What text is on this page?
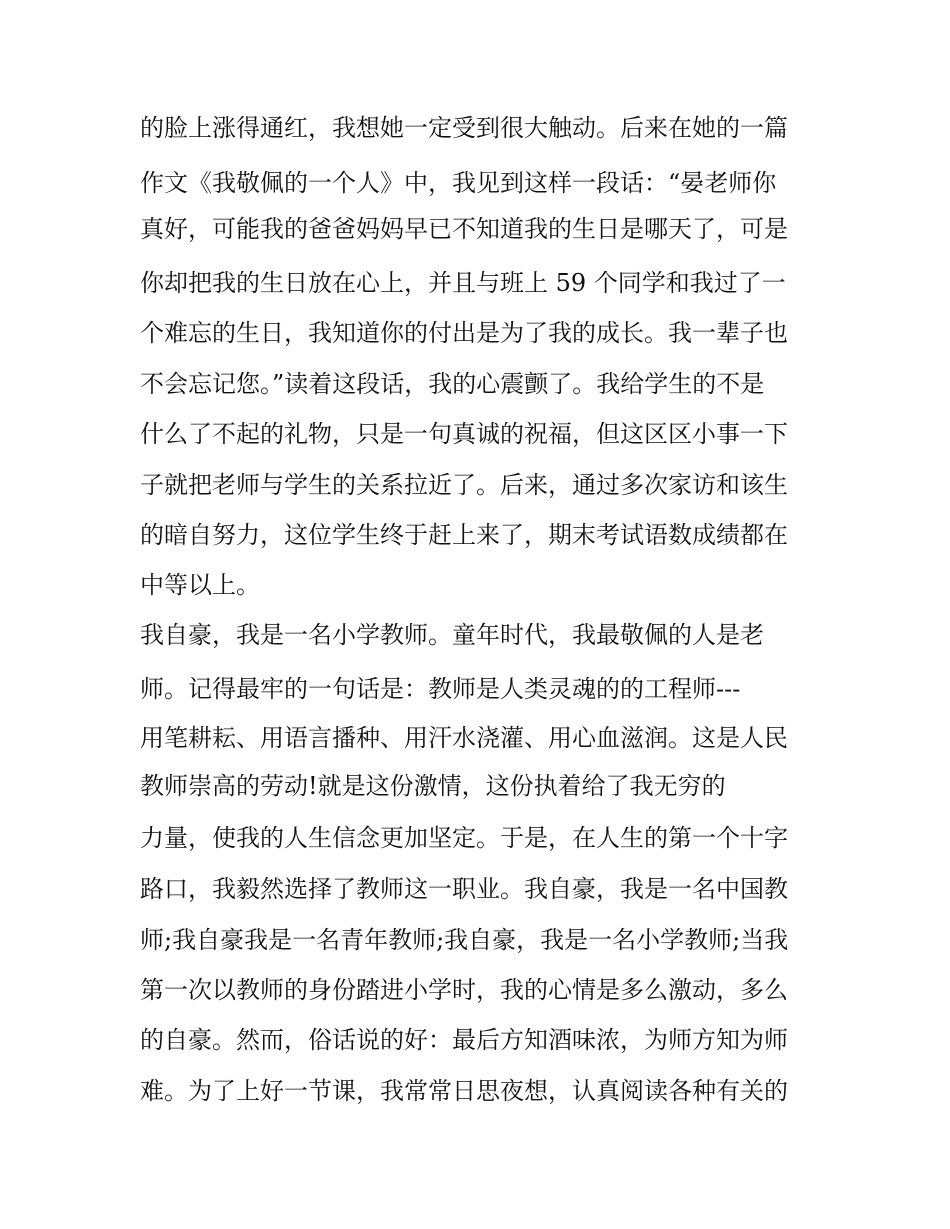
的脸上涨得通红，我想她一定受到很大触动。后来在她的一篇
作文《我敬佩的一个人》中，我见到这样一段话：“晏老师你
真好，可能我的爸爸妈妈早已不知道我的生日是哪天了，可是
你却把我的生日放在心上，并且与班上 59 个同学和我过了一
个难忘的生日，我知道你的付出是为了我的成长。我一辈子也
不会忘记您。”读着这段话，我的心震颤了。我给学生的不是
什么了不起的礼物，只是一句真诚的祝福，但这区区小事一下
子就把老师与学生的关系拉近了。后来，通过多次家访和该生
的暗自努力，这位学生终于赶上来了，期末考试语数成绩都在
中等以上。
我自豪，我是一名小学教师。童年时代，我最敬佩的人是老
师。记得最牢的一句话是：教师是人类灵魂的的工程师---
用笔耕耘、用语言播种、用汗水浇灌、用心血滋润。这是人民
教师崇高的劳动!就是这份激情，这份执着给了我无穷的
力量，使我的人生信念更加坚定。于是，在人生的第一个十字
路口，我毅然选择了教师这一职业。我自豪，我是一名中国教
师;我自豪我是一名青年教师;我自豪，我是一名小学教师;当我
第一次以教师的身份踏进小学时，我的心情是多么激动，多么
的自豪。然而，俗话说的好：最后方知酒味浓，为师方知为师
难。为了上好一节课，我常常日思夜想，认真阅读各种有关的
